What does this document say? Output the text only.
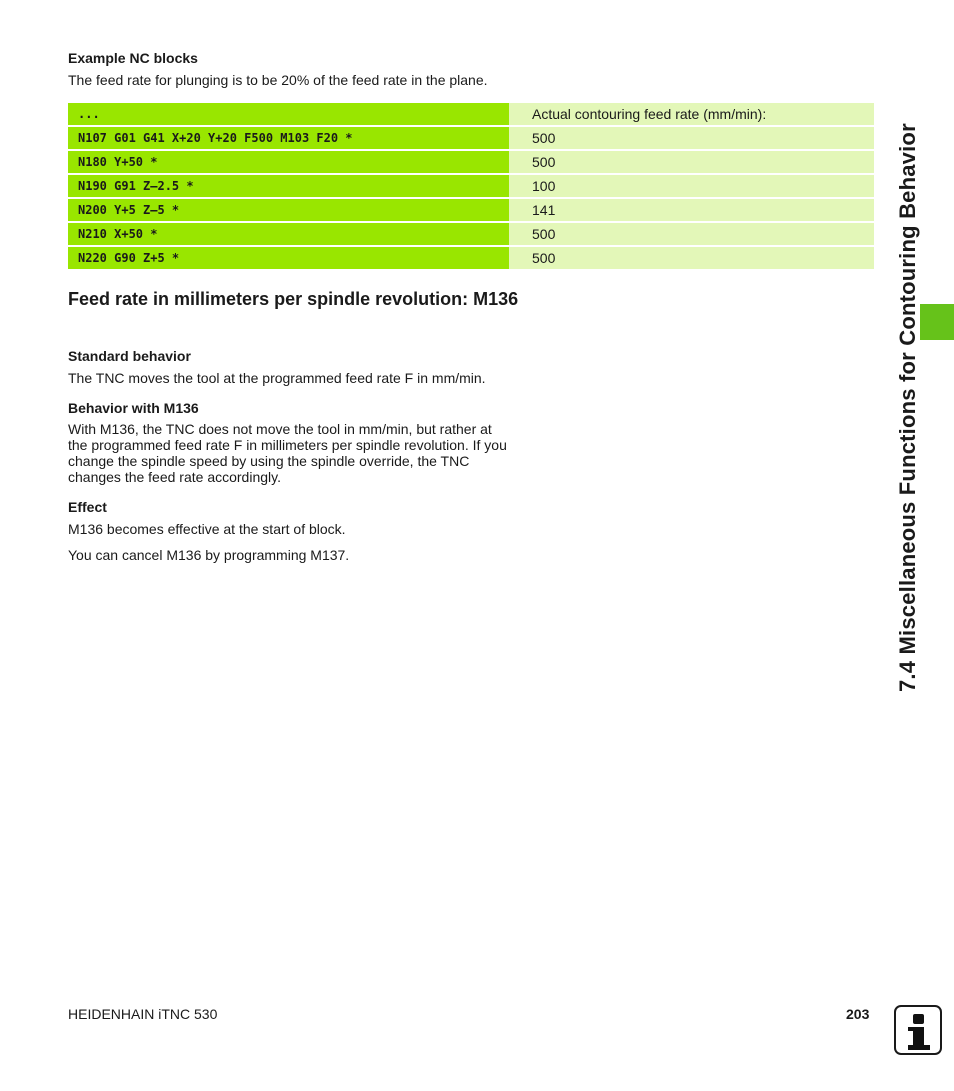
Example NC blocks

The feed rate for plunging is to be 20% of the feed rate in the plane.

...	Actual contouring feed rate (mm/min):
N107 G01 G41 X+20 Y+20 F500 M103 F20 *	500
N180 Y+50 *	500
N190 G91 Z–2.5 *	100
N200 Y+5 Z–5 *	141
N210 X+50 *	500
N220 G90 Z+5 *	500
Feed rate in millimeters per spindle revolution: M136
Standard behavior

The TNC moves the tool at the programmed feed rate F in mm/min.

Behavior with M136

With M136, the TNC does not move the tool in mm/min, but rather at the programmed feed rate F in millimeters per spindle revolution. If you change the spindle speed by using the spindle override, the TNC changes the feed rate accordingly.

Effect

M136 becomes effective at the start of block.

You can cancel M136 by programming M137.	7.4 Miscellaneous Functions for Contouring Behavior

HEIDENHAIN iTNC 530	203
